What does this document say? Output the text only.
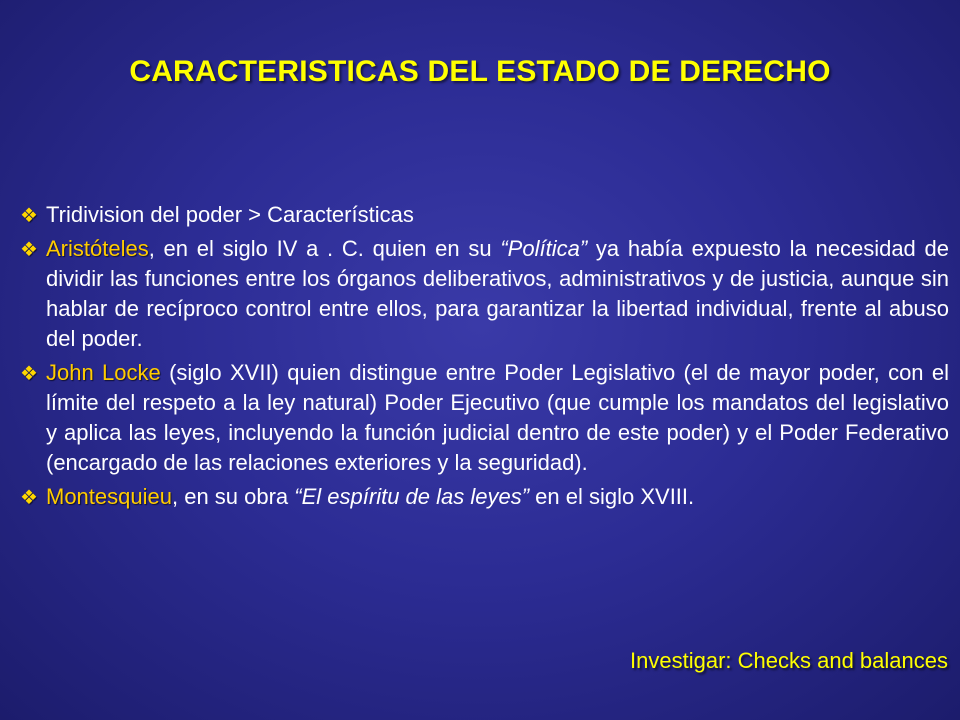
CARACTERISTICAS DEL ESTADO DE DERECHO
❖ Tridivision del poder > Características
❖ Aristóteles, en el siglo IV a . C. quien en su “Política” ya había expuesto la necesidad de dividir las funciones entre los órganos deliberativos, administrativos y de justicia, aunque sin hablar de recíproco control entre ellos, para garantizar la libertad individual, frente al abuso del poder.
❖ John Locke (siglo XVII) quien distingue entre Poder Legislativo (el de mayor poder, con el límite del respeto a la ley natural) Poder Ejecutivo (que cumple los mandatos del legislativo y aplica las leyes, incluyendo la función judicial dentro de este poder) y el Poder Federativo (encargado de las relaciones exteriores y la seguridad).
❖ Montesquieu, en su obra “El espíritu de las leyes” en el siglo XVIII.
Investigar: Checks and balances
